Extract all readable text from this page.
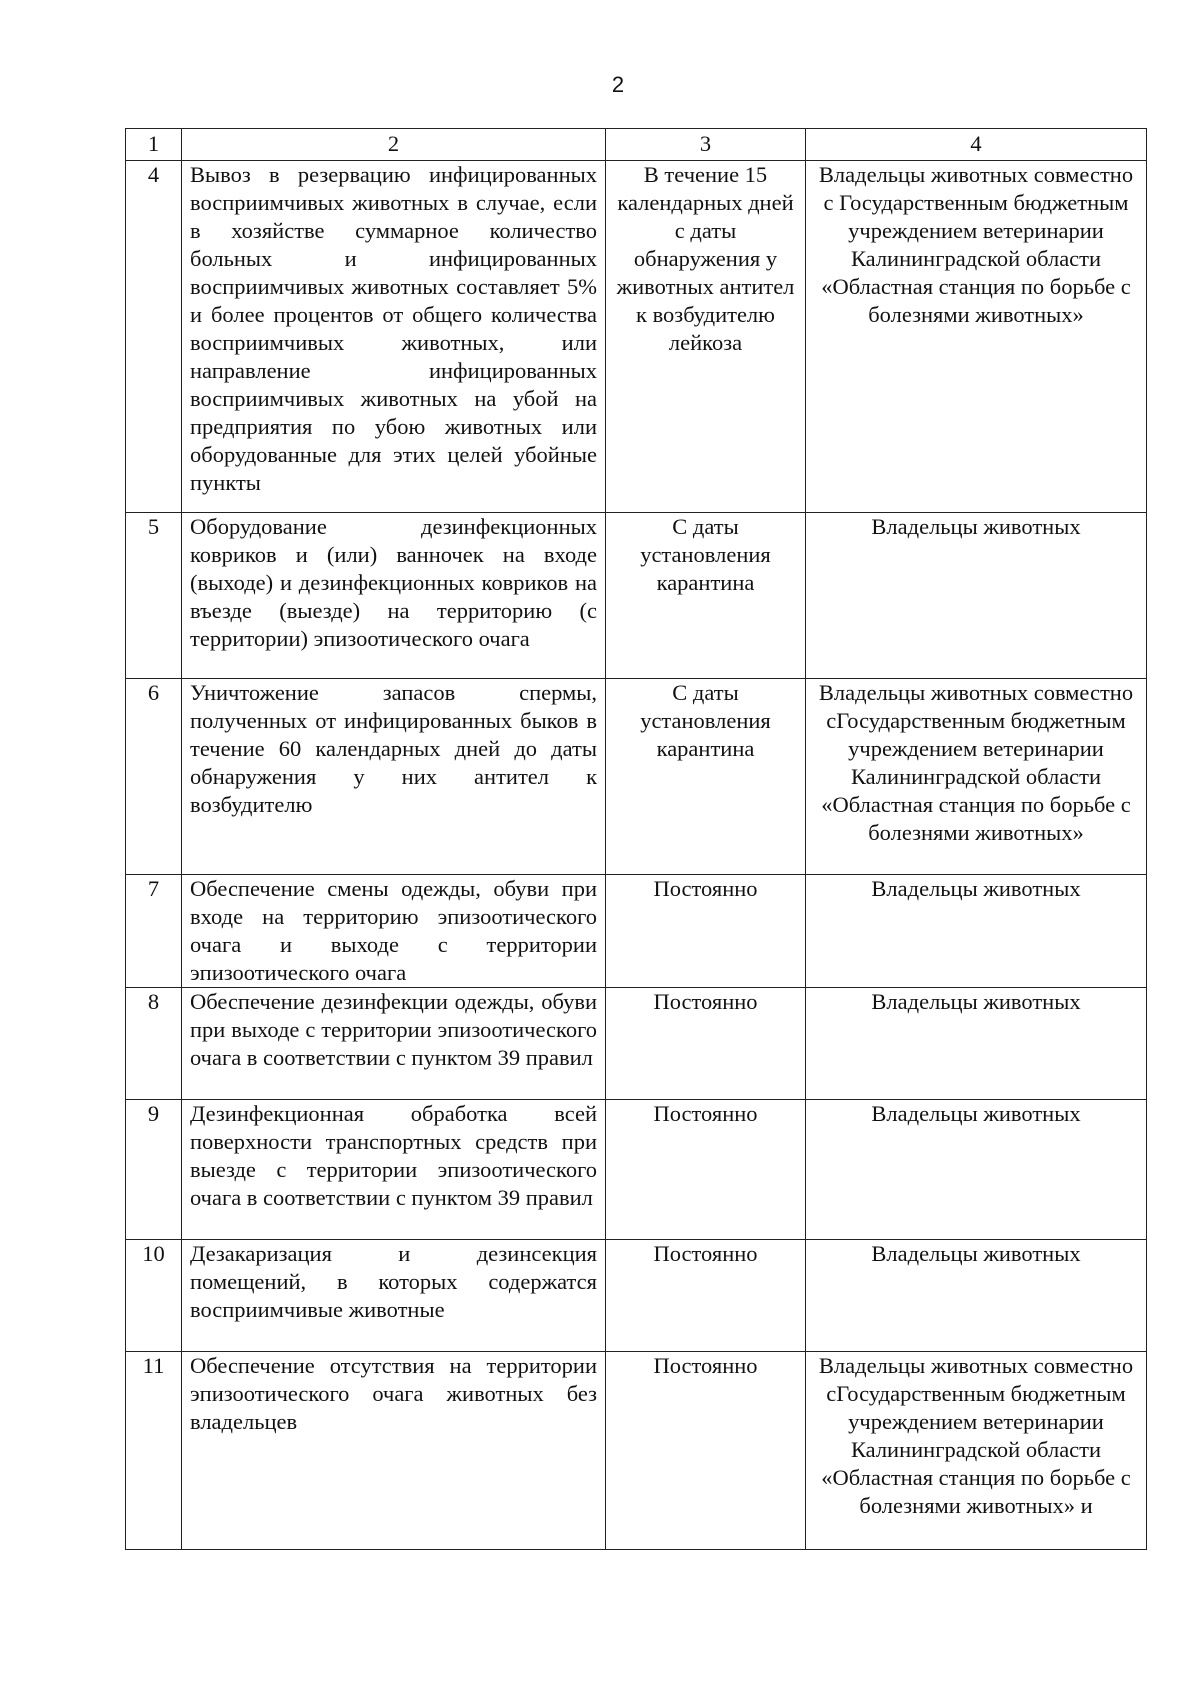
2
1	2	3	4
4	Вывоз в резервацию инфицированных восприимчивых животных в случае, если в хозяйстве суммарное количество больных и инфицированных восприимчивых животных составляет 5% и более процентов от общего количества восприимчивых животных, или направление инфицированных восприимчивых животных на убой на предприятия по убою животных или оборудованные для этих целей убойные пункты	В течение 15 календарных дней с даты обнаружения у животных антител к возбудителю лейкоза	Владельцы животных совместно с Государственным бюджетным учреждением ветеринарии Калининградской области «Областная станция по борьбе с болезнями животных»
5	Оборудование дезинфекционных ковриков и (или) ванночек на входе (выходе) и дезинфекционных ковриков на въезде (выезде) на территорию (с территории) эпизоотического очага	С даты установления карантина	Владельцы животных
6	Уничтожение запасов спермы, полученных от инфицированных быков в течение 60 календарных дней до даты обнаружения у них антител к возбудителю	С даты установления карантина	Владельцы животных совместно сГосударственным бюджетным учреждением ветеринарии Калининградской области «Областная станция по борьбе с болезнями животных»
7	Обеспечение смены одежды, обуви при входе на территорию эпизоотического очага и выходе с территории эпизоотического очага	Постоянно	Владельцы животных
8	Обеспечение дезинфекции одежды, обуви при выходе с территории эпизоотического очага в соответствии с пунктом 39 правил	Постоянно	Владельцы животных
9	Дезинфекционная обработка всей поверхности транспортных средств при выезде с территории эпизоотического очага в соответствии с пунктом 39 правил	Постоянно	Владельцы животных
10	Дезакаризация и дезинсекция помещений, в которых содержатся восприимчивые животные	Постоянно	Владельцы животных
11	Обеспечение отсутствия на территории эпизоотического очага животных без владельцев	Постоянно	Владельцы животных совместно сГосударственным бюджетным учреждением ветеринарии Калининградской области «Областная станция по борьбе с болезнями животных» и
